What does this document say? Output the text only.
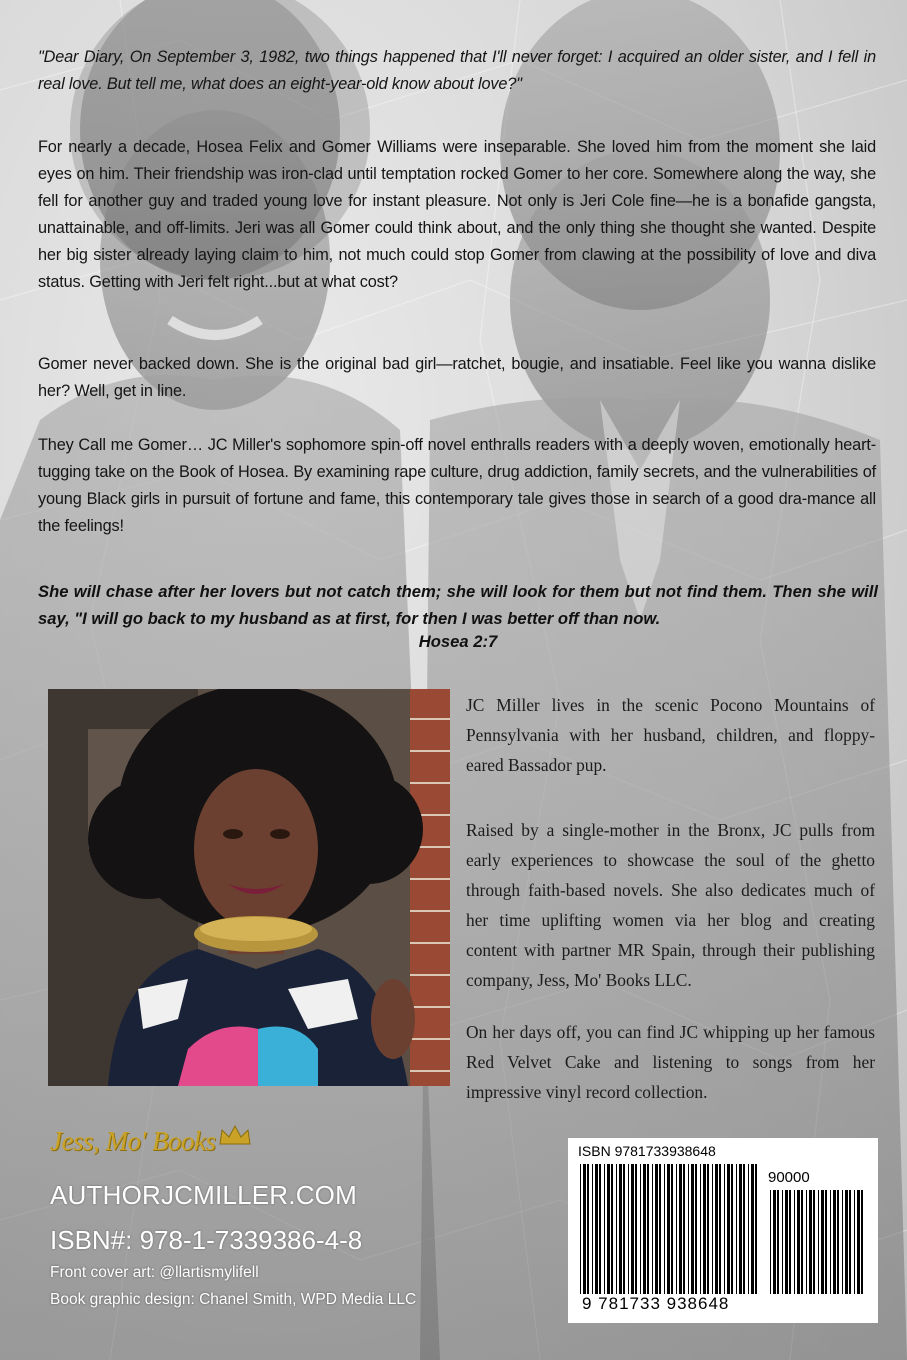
"Dear Diary, On September 3, 1982, two things happened that I'll never forget: I acquired an older sister, and I fell in real love. But tell me, what does an eight-year-old know about love?"
For nearly a decade, Hosea Felix and Gomer Williams were inseparable. She loved him from the moment she laid eyes on him. Their friendship was iron-clad until temptation rocked Gomer to her core. Somewhere along the way, she fell for another guy and traded young love for instant pleasure. Not only is Jeri Cole fine—he is a bonafide gangsta, unattainable, and off-limits. Jeri was all Gomer could think about, and the only thing she thought she wanted. Despite her big sister already laying claim to him, not much could stop Gomer from clawing at the possibility of love and diva status. Getting with Jeri felt right...but at what cost?
Gomer never backed down. She is the original bad girl—ratchet, bougie, and insatiable. Feel like you wanna dislike her? Well, get in line.
They Call me Gomer… JC Miller's sophomore spin-off novel enthralls readers with a deeply woven, emotionally heart-tugging take on the Book of Hosea. By examining rape culture, drug addiction, family secrets, and the vulnerabilities of young Black girls in pursuit of fortune and fame, this contemporary tale gives those in search of a good dra-mance all the feelings!
She will chase after her lovers but not catch them; she will look for them but not find them. Then she will say, "I will go back to my husband as at first, for then I was better off than now.
Hosea 2:7
JC Miller lives in the scenic Pocono Mountains of Pennsylvania with her husband, children, and floppy-eared Bassador pup.
Raised by a single-mother in the Bronx, JC pulls from early experiences to showcase the soul of the ghetto through faith-based novels. She also dedicates much of her time uplifting women via her blog and creating content with partner MR Spain, through their publishing company, Jess, Mo' Books LLC.
On her days off, you can find JC whipping up her famous Red Velvet Cake and listening to songs from her impressive vinyl record collection.
Jess, Mo' Books
AUTHORJCMILLER.COM
ISBN#: 978-1-7339386-4-8
Front cover art: @llartismylifell
Book graphic design: Chanel Smith, WPD Media LLC
ISBN 9781733938648
90000
9 781733 938648
